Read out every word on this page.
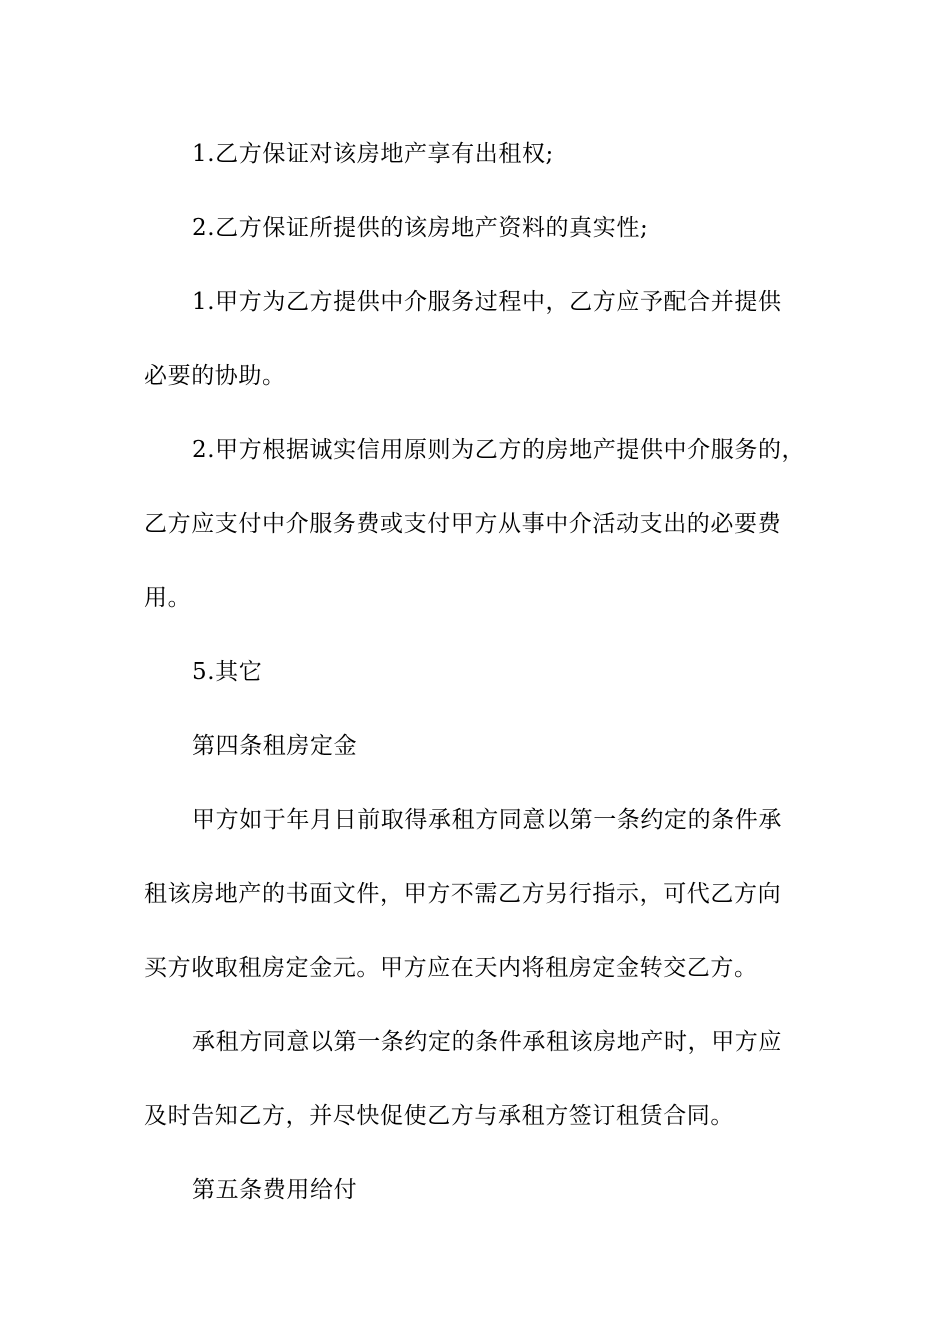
1.乙方保证对该房地产享有出租权;

2.乙方保证所提供的该房地产资料的真实性;

1.甲方为乙方提供中介服务过程中，乙方应予配合并提供

必要的协助。

2.甲方根据诚实信用原则为乙方的房地产提供中介服务的，

乙方应支付中介服务费或支付甲方从事中介活动支出的必要费

用。

5.其它

第四条租房定金

甲方如于年月日前取得承租方同意以第一条约定的条件承

租该房地产的书面文件，甲方不需乙方另行指示，可代乙方向

买方收取租房定金元。甲方应在天内将租房定金转交乙方。

承租方同意以第一条约定的条件承租该房地产时，甲方应

及时告知乙方，并尽快促使乙方与承租方签订租赁合同。

第五条费用给付
